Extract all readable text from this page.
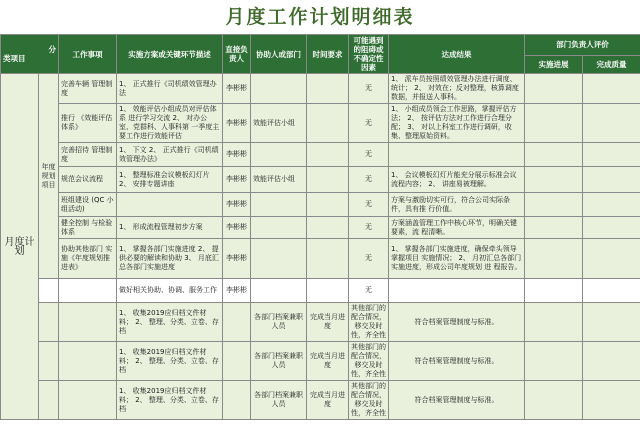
月度工作计划明细表
分
类项目		工作事项	实施方案或关键环节描述	直接负责人	协助人或部门	时间要求	可能遇到的阻碍或不确定性因素	达成结果	部门负责人评价	
									实施进展	完成质量
月度计划	年度规划项目	完善车辆 管理制度	1、 正式推行《司机绩效管理办法	李彬彬			无	1、 派车员按照绩效管理办法进行调度、统计； 2、 对效在；反对整理，核算调度数据，并报送人事科。		
		推行 《效能评估体系》	1、 效能评估小组成员对评估体系 进行学习交流 2、 对办公室、党群科、人事科第 一季度主要工作进行效能评估	李彬彬	效能评估小组		无	1、 小组成员领会工作思路，掌握评估方法； 2、 按评估方法对工作进行合理分配； 3、 对以上科室工作进行调研，收集、整理原始资料。		
		完善招待 管理制度	1、 下文 2、 正式推行《司机绩效管理办法》	李彬彬			无			
		规范会议流程	1、 整理标准会议模板幻灯片 2、 安排专题讲座	李彬彬	效能评估小组		无	1、 会议模板幻灯片能充分展示标准会议流程内容； 2、 讲座易被理解。		
		班组建设 (QC 小组活动)		李彬彬			无	方案与激励切实可行，符合公司实际条件，具有推 行价值。		
		健全控制 与检验体系	1、 形成流程管理初步方案	李彬彬			无	方案涵盖管理工作中核心环节，明确关键要素，流 程清晰。		
		协助其他部门 实施《年度规划推 进表》	1、 掌握各部门实施进度 2、 提供必要的解读和协助 3、 月底汇总各部门实施进度	李彬彬			无	1、 掌握各部门实施进度，确保牵头领导掌握项目 实施情况； 2、 月初汇总各部门实施进度，形成公司年度规划 进 程报告。		
			做好相关协助、协调、服务工作	李彬彬			无			
			1、 收集2019应归档文件材料； 2、 整理、分类、立卷、存档		各部门档案兼职人员	完成当月进度	其他部门的配合情况，移交及时性，齐全性	符合档案管理制度与标准。		
			1、 收集2019应归档文件材料； 2、 整理、分类、立卷、存档		各部门档案兼职人员	完成当月进度	其他部门的配合情况，移交及时性，齐全性	符合档案管理制度与标准。		
			1、 收集2019应归档文件材料； 2、 整理、分类、立卷、存档		各部门档案兼职人员	完成当月进度	其他部门的配合情况，移交及时性，齐全性	符合档案管理制度与标准。		
